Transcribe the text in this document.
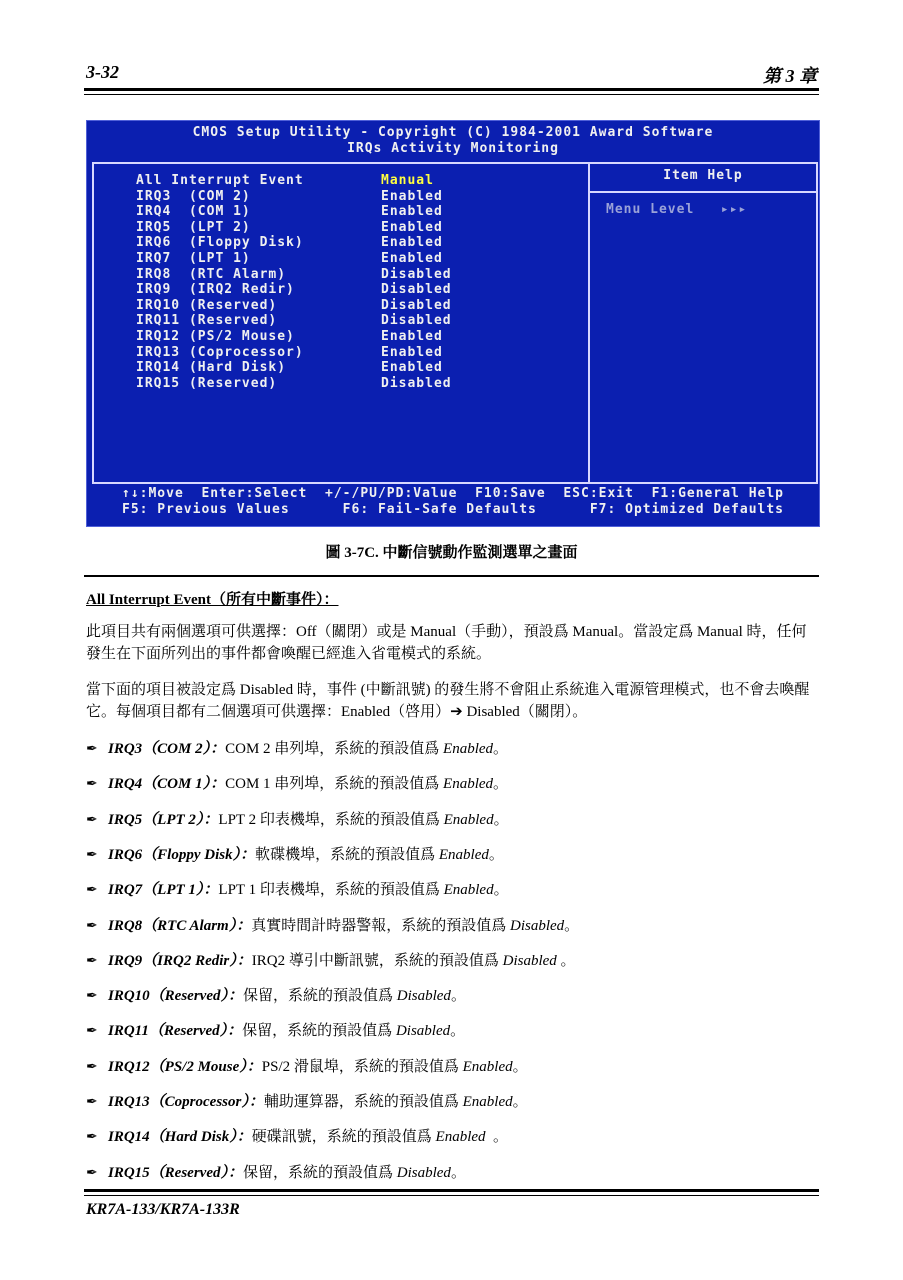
3-32	第 3 章
CMOS Setup Utility - Copyright (C) 1984-2001 Award Software
IRQs Activity Monitoring
Item Help
Menu Level   ▸▸▸
All Interrupt Event	Manual
IRQ3  (COM 2)	Enabled
IRQ4  (COM 1)	Enabled
IRQ5  (LPT 2)	Enabled
IRQ6  (Floppy Disk)	Enabled
IRQ7  (LPT 1)	Enabled
IRQ8  (RTC Alarm)	Disabled
IRQ9  (IRQ2 Redir)	Disabled
IRQ10 (Reserved)	Disabled
IRQ11 (Reserved)	Disabled
IRQ12 (PS/2 Mouse)	Enabled
IRQ13 (Coprocessor)	Enabled
IRQ14 (Hard Disk)	Enabled
IRQ15 (Reserved)	Disabled
↑↓:Move  Enter:Select  +/-/PU/PD:Value  F10:Save  ESC:Exit  F1:General Help
F5: Previous Values      F6: Fail-Safe Defaults      F7: Optimized Defaults
圖 3-7C. 中斷信號動作監測選單之畫面
All Interrupt Event（所有中斷事件）：
此項目共有兩個選項可供選擇：Off（關閉）或是 Manual（手動），預設爲 Manual。當設定爲 Manual 時，任何發生在下面所列出的事件都會喚醒已經進入省電模式的系統。
當下面的項目被設定爲 Disabled 時，事件 (中斷訊號) 的發生將不會阻止系統進入電源管理模式，也不會去喚醒它。每個項目都有二個選項可供選擇：Enabled（啓用）➔ Disabled（關閉）。
✒ IRQ3（COM 2）：COM 2 串列埠，系統的預設值爲 Enabled。
✒ IRQ4（COM 1）：COM 1 串列埠，系統的預設值爲 Enabled。
✒ IRQ5（LPT 2）：LPT 2 印表機埠，系統的預設值爲 Enabled。
✒ IRQ6（Floppy Disk）：軟碟機埠，系統的預設值爲 Enabled。
✒ IRQ7（LPT 1）：LPT 1 印表機埠，系統的預設值爲 Enabled。
✒ IRQ8（RTC Alarm）：真實時間計時器警報，系統的預設值爲 Disabled。
✒ IRQ9（IRQ2 Redir）：IRQ2 導引中斷訊號，系統的預設值爲 Disabled 。
✒ IRQ10（Reserved）：保留，系統的預設值爲 Disabled。
✒ IRQ11（Reserved）：保留，系統的預設值爲 Disabled。
✒ IRQ12（PS/2 Mouse）：PS/2 滑鼠埠，系統的預設值爲 Enabled。
✒ IRQ13（Coprocessor）：輔助運算器，系統的預設值爲 Enabled。
✒ IRQ14（Hard Disk）：硬碟訊號，系統的預設值爲 Enabled  。
✒ IRQ15（Reserved）：保留，系統的預設值爲 Disabled。
KR7A-133/KR7A-133R
